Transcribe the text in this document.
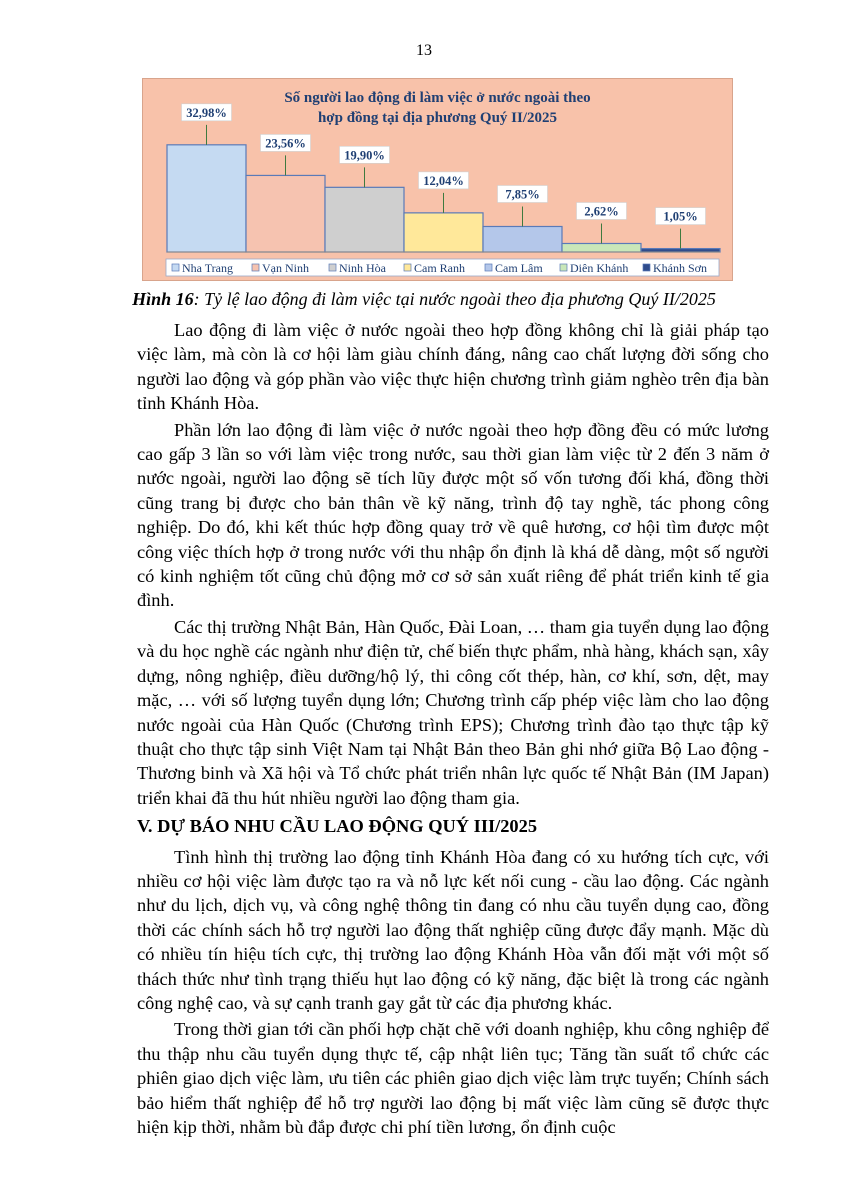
13
Số người lao động đi làm việc ở nước ngoài theo
hợp đồng tại địa phương Quý II/2025
32,98%
23,56%
19,90%
12,04%
7,85%
2,62%	1,05%
Nha Trang Vạn Ninh	Ninh Hòa Cam Ranh	Cam Lâm Diên Khánh Khánh Sơn
Hình 16: Tỷ lệ lao động đi làm việc tại nước ngoài theo địa phương Quý II/2025

Lao động đi làm việc ở nước ngoài theo hợp đồng không chỉ là giải pháp tạo việc làm, mà còn là cơ hội làm giàu chính đáng, nâng cao chất lượng đời sống cho người lao động và góp phần vào việc thực hiện chương trình giảm nghèo trên địa bàn tỉnh Khánh Hòa.

Phần lớn lao động đi làm việc ở nước ngoài theo hợp đồng đều có mức lương cao gấp 3 lần so với làm việc trong nước, sau thời gian làm việc từ 2 đến 3 năm ở nước ngoài, người lao động sẽ tích lũy được một số vốn tương đối khá, đồng thời cũng trang bị được cho bản thân về kỹ năng, trình độ tay nghề, tác phong công nghiệp. Do đó, khi kết thúc hợp đồng quay trở về quê hương, cơ hội tìm được một công việc thích hợp ở trong nước với thu nhập ổn định là khá dễ dàng, một số người có kinh nghiệm tốt cũng chủ động mở cơ sở sản xuất riêng để phát triển kinh tế gia đình.

Các thị trường Nhật Bản, Hàn Quốc, Đài Loan, … tham gia tuyển dụng lao động và du học nghề các ngành như điện tử, chế biến thực phẩm, nhà hàng, khách sạn, xây dựng, nông nghiệp, điều dưỡng/hộ lý, thi công cốt thép, hàn, cơ khí, sơn, dệt, may mặc, … với số lượng tuyển dụng lớn; Chương trình cấp phép việc làm cho lao động nước ngoài của Hàn Quốc (Chương trình EPS); Chương trình đào tạo thực tập kỹ thuật cho thực tập sinh Việt Nam tại Nhật Bản theo Bản ghi nhớ giữa Bộ Lao động - Thương binh và Xã hội và Tổ chức phát triển nhân lực quốc tế Nhật Bản (IM Japan) triển khai đã thu hút nhiều người lao động tham gia.

V. DỰ BÁO NHU CẦU LAO ĐỘNG QUÝ III/2025

Tình hình thị trường lao động tỉnh Khánh Hòa đang có xu hướng tích cực, với nhiều cơ hội việc làm được tạo ra và nỗ lực kết nối cung - cầu lao động. Các ngành như du lịch, dịch vụ, và công nghệ thông tin đang có nhu cầu tuyển dụng cao, đồng thời các chính sách hỗ trợ người lao động thất nghiệp cũng được đẩy mạnh. Mặc dù có nhiều tín hiệu tích cực, thị trường lao động Khánh Hòa vẫn đối mặt với một số thách thức như tình trạng thiếu hụt lao động có kỹ năng, đặc biệt là trong các ngành công nghệ cao, và sự cạnh tranh gay gắt từ các địa phương khác.

Trong thời gian tới cần phối hợp chặt chẽ với doanh nghiệp, khu công nghiệp để thu thập nhu cầu tuyển dụng thực tế, cập nhật liên tục; Tăng tần suất tổ chức các phiên giao dịch việc làm, ưu tiên các phiên giao dịch việc làm trực tuyến; Chính sách bảo hiểm thất nghiệp để hỗ trợ người lao động bị mất việc làm cũng sẽ được thực hiện kịp thời, nhằm bù đắp được chi phí tiền lương, ổn định cuộc
